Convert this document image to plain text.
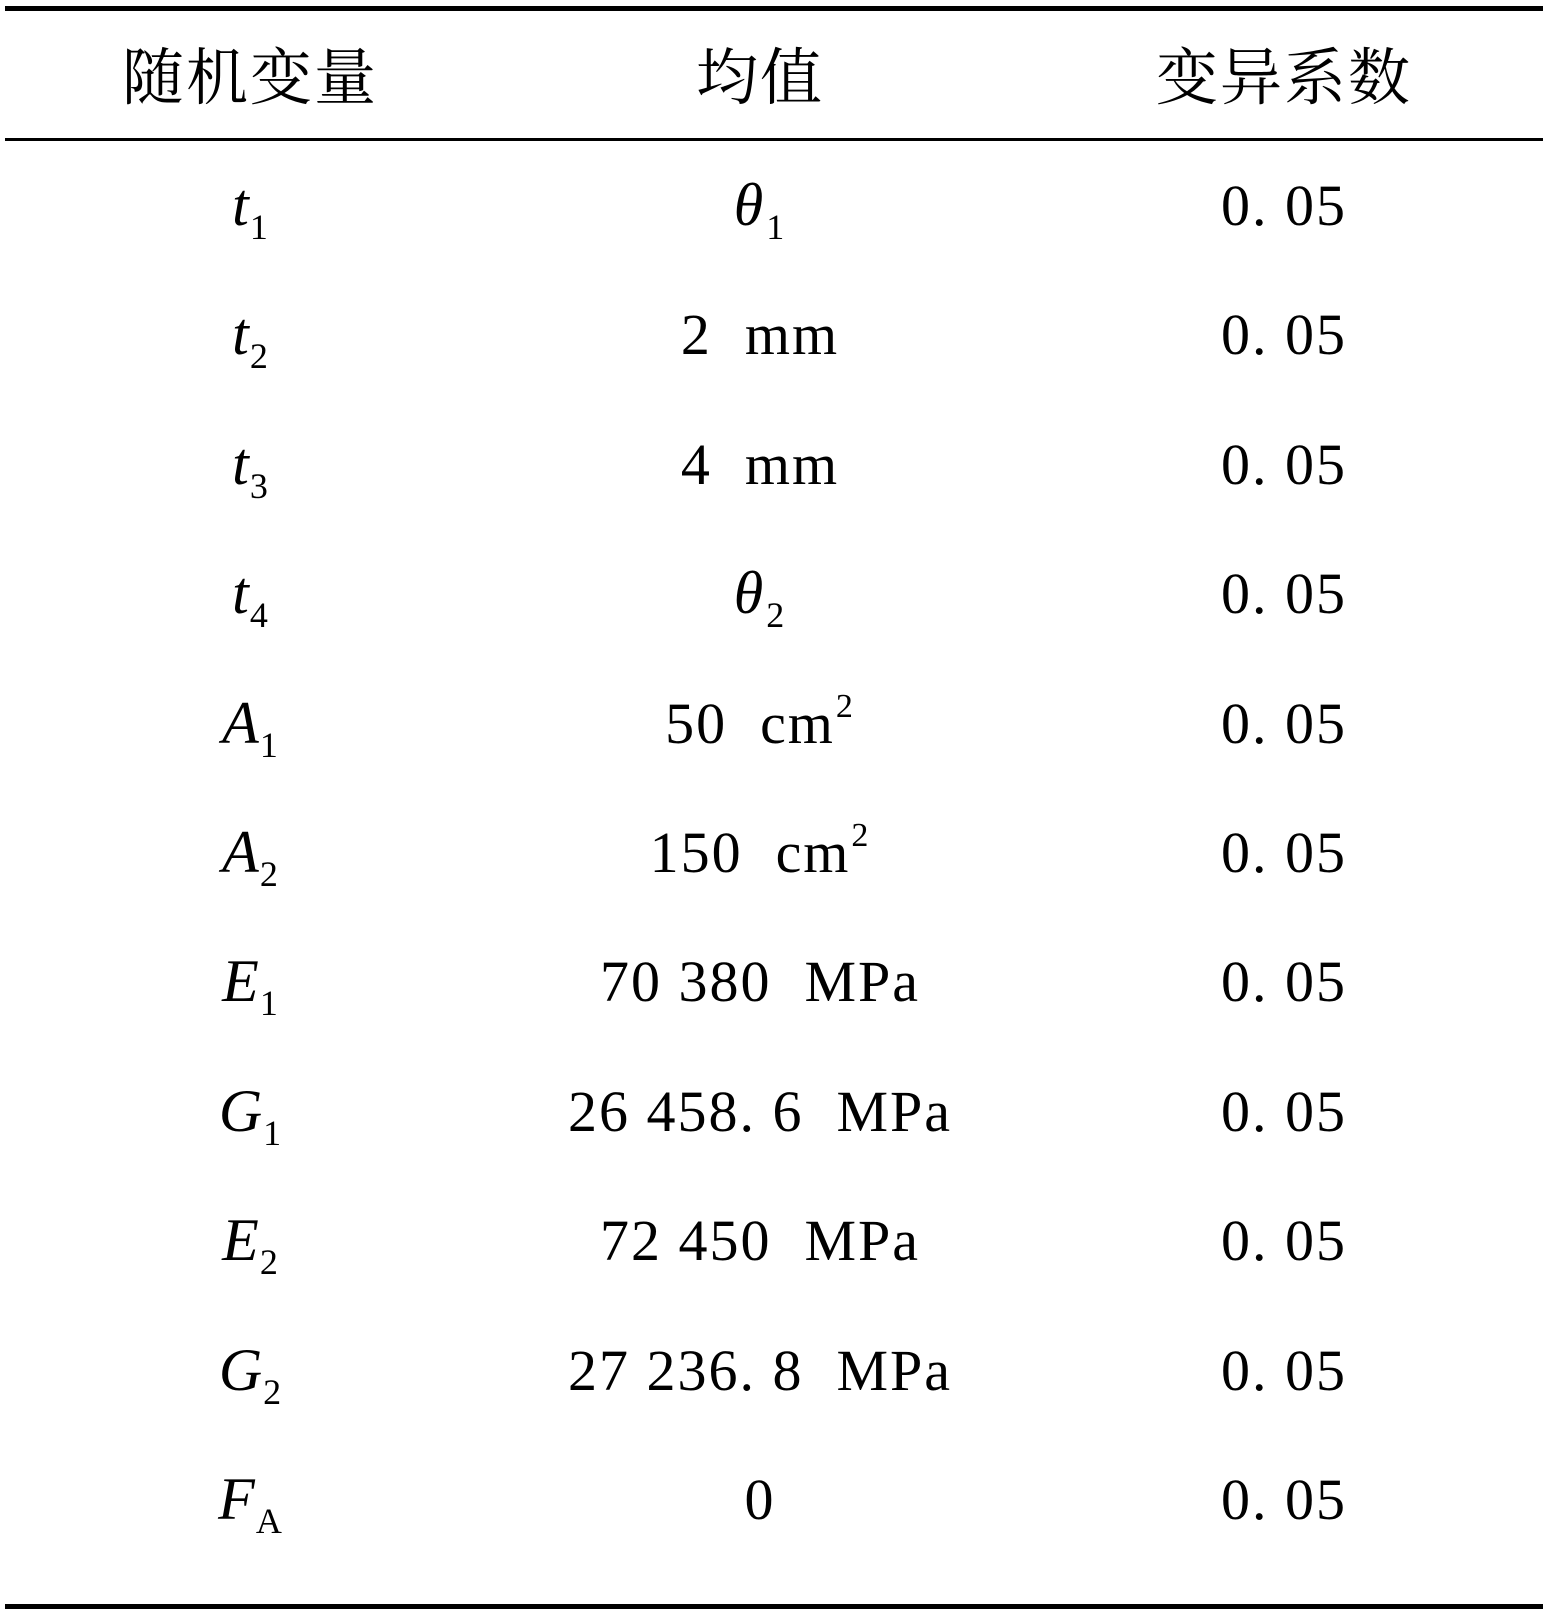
随机变量	均值	变异系数
$t_1$	$\theta_1$	0. 05
$t_2$	2  mm	0. 05
$t_3$	4  mm	0. 05
$t_4$	$\theta_2$	0. 05
$A_1$	50  $cm^2$	0. 05
$A_2$	150  $cm^2$	0. 05
$E_1$	70 380  MPa	0. 05
$G_1$	26 458. 6  MPa	0. 05
$E_2$	72 450  MPa	0. 05
$G_2$	27 236. 8  MPa	0. 05
$F_A$	0	0. 05
